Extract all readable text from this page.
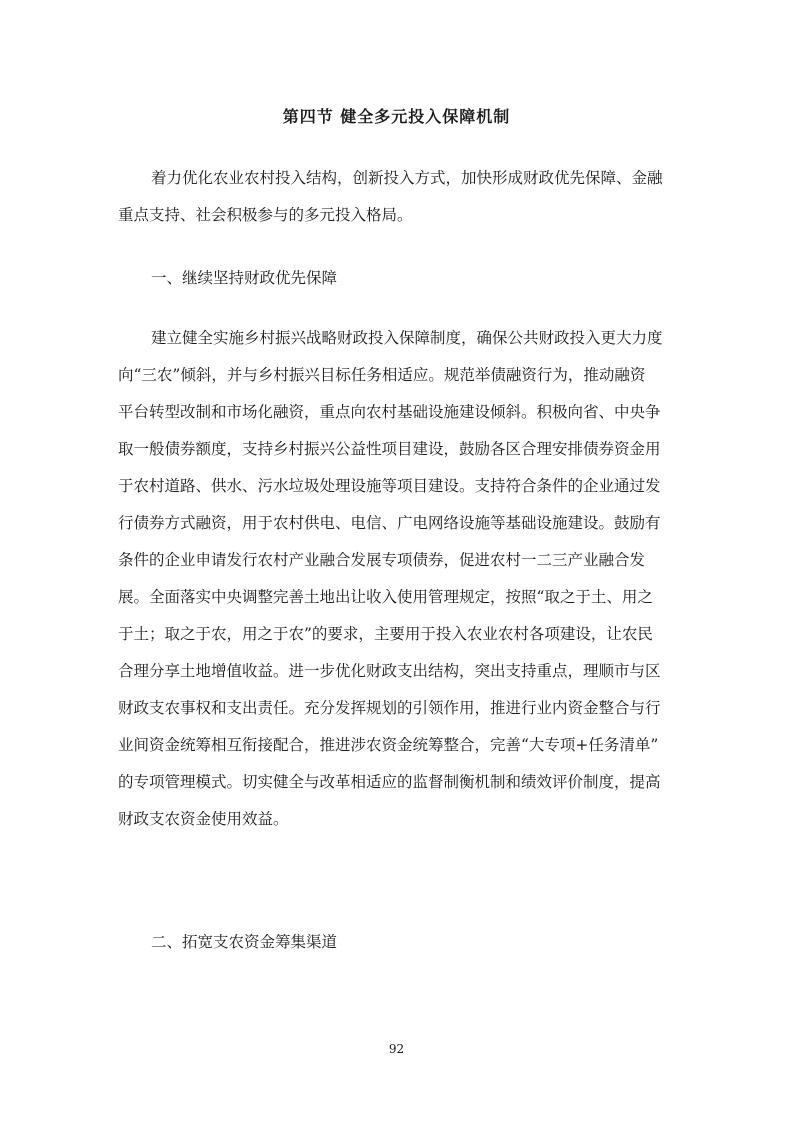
第四节 健全多元投入保障机制
着力优化农业农村投入结构，创新投入方式，加快形成财政优先保障、金融
重点支持、社会积极参与的多元投入格局。
一、继续坚持财政优先保障
建立健全实施乡村振兴战略财政投入保障制度，确保公共财政投入更大力度
向“三农”倾斜，并与乡村振兴目标任务相适应。规范举债融资行为，推动融资
平台转型改制和市场化融资，重点向农村基础设施建设倾斜。积极向省、中央争
取一般债券额度，支持乡村振兴公益性项目建设，鼓励各区合理安排债券资金用
于农村道路、供水、污水垃圾处理设施等项目建设。支持符合条件的企业通过发
行债券方式融资，用于农村供电、电信、广电网络设施等基础设施建设。鼓励有
条件的企业申请发行农村产业融合发展专项债券，促进农村一二三产业融合发
展。全面落实中央调整完善土地出让收入使用管理规定，按照“取之于土、用之
于土；取之于农，用之于农”的要求，主要用于投入农业农村各项建设，让农民
合理分享土地增值收益。进一步优化财政支出结构，突出支持重点，理顺市与区
财政支农事权和支出责任。充分发挥规划的引领作用，推进行业内资金整合与行
业间资金统筹相互衔接配合，推进涉农资金统筹整合，完善“大专项+任务清单”
的专项管理模式。切实健全与改革相适应的监督制衡机制和绩效评价制度，提高
财政支农资金使用效益。
二、拓宽支农资金筹集渠道
92
